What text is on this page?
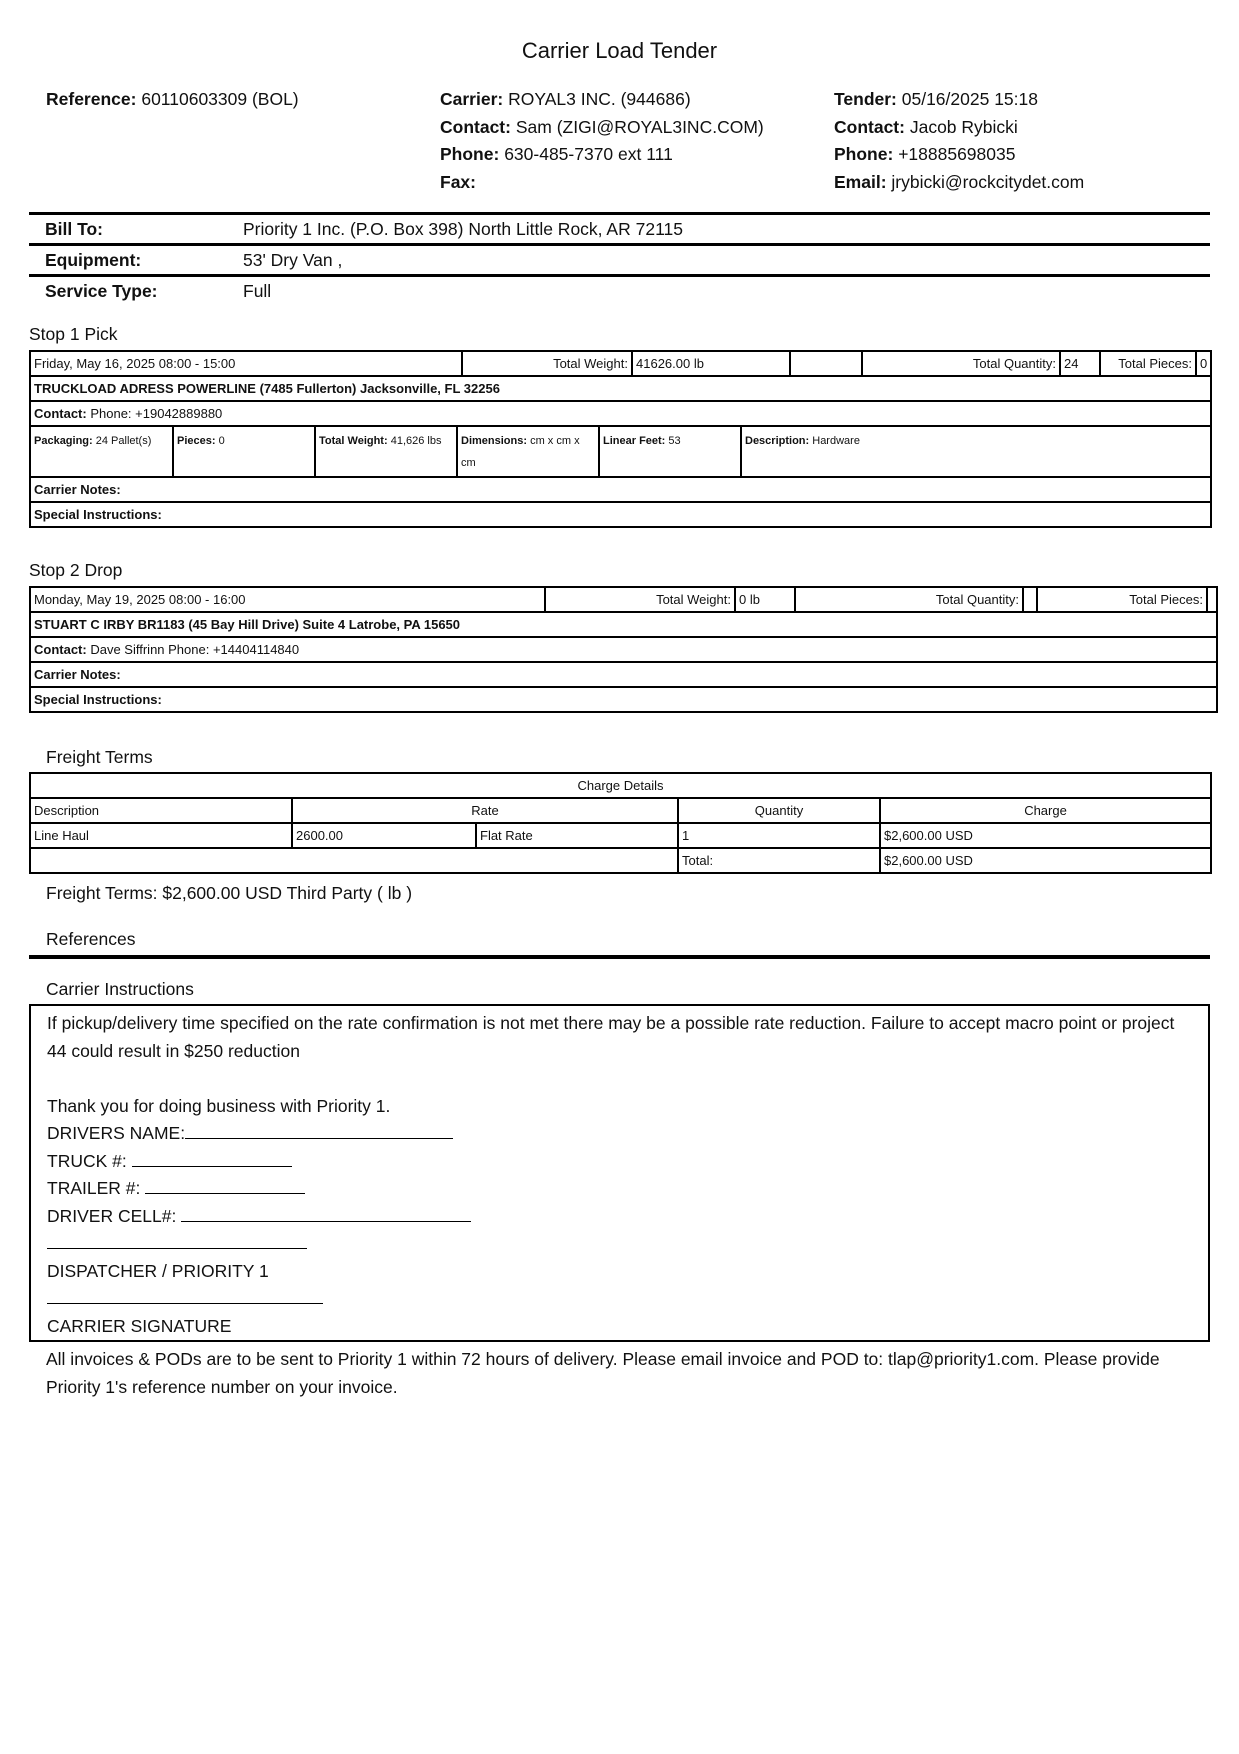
Carrier Load Tender
Reference: 60110603309 (BOL)	Carrier: ROYAL3 INC. (944686)
Contact: Sam (ZIGI@ROYAL3INC.COM)
Phone: 630-485-7370 ext 111
Fax:
Tender: 05/16/2025 15:18
Contact: Jacob Rybicki
Phone: +18885698035
Email: jrybicki@rockcitydet.com
Bill To:	Priority 1 Inc. (P.O. Box 398) North Little Rock, AR 72115
Equipment:	53' Dry Van ,
Service Type:	Full
Stop 1 Pick
Friday, May 16, 2025 08:00 - 15:00	Total Weight:	41626.00 lb		Total Quantity:	24	Total Pieces:	0
TRUCKLOAD ADRESS POWERLINE (7485 Fullerton) Jacksonville, FL 32256
Contact: Phone: +19042889880

Packaging: 24 Pallet(s)	Pieces: 0	Total Weight: 41,626 lbs	Dimensions: cm x cm x cm	Linear Feet: 53	Description: Hardware

Carrier Notes:
Special Instructions:
Stop 2 Drop
Monday, May 19, 2025 08:00 - 16:00	Total Weight:	0 lb	Total Quantity:		Total Pieces:	
STUART C IRBY BR1183 (45 Bay Hill Drive) Suite 4 Latrobe, PA 15650
Contact: Dave Siffrinn Phone: +14404114840
Carrier Notes:
Special Instructions:
Freight Terms
Charge Details				
Description	Rate		Quantity	Charge
Line Haul	2600.00	Flat Rate	1	$2,600.00 USD
			Total:	$2,600.00 USD
Freight Terms: $2,600.00 USD Third Party ( lb )
References
Carrier Instructions
If pickup/delivery time specified on the rate confirmation is not met there may be a possible rate reduction. Failure to accept macro point or project 44 could result in $250 reduction
Thank you for doing business with Priority 1.
DRIVERS NAME:
TRUCK #:
TRAILER #:
DRIVER CELL#:
DISPATCHER / PRIORITY 1
CARRIER SIGNATURE
All invoices & PODs are to be sent to Priority 1 within 72 hours of delivery. Please email invoice and POD to: tlap@priority1.com. Please provide Priority 1's reference number on your invoice.
